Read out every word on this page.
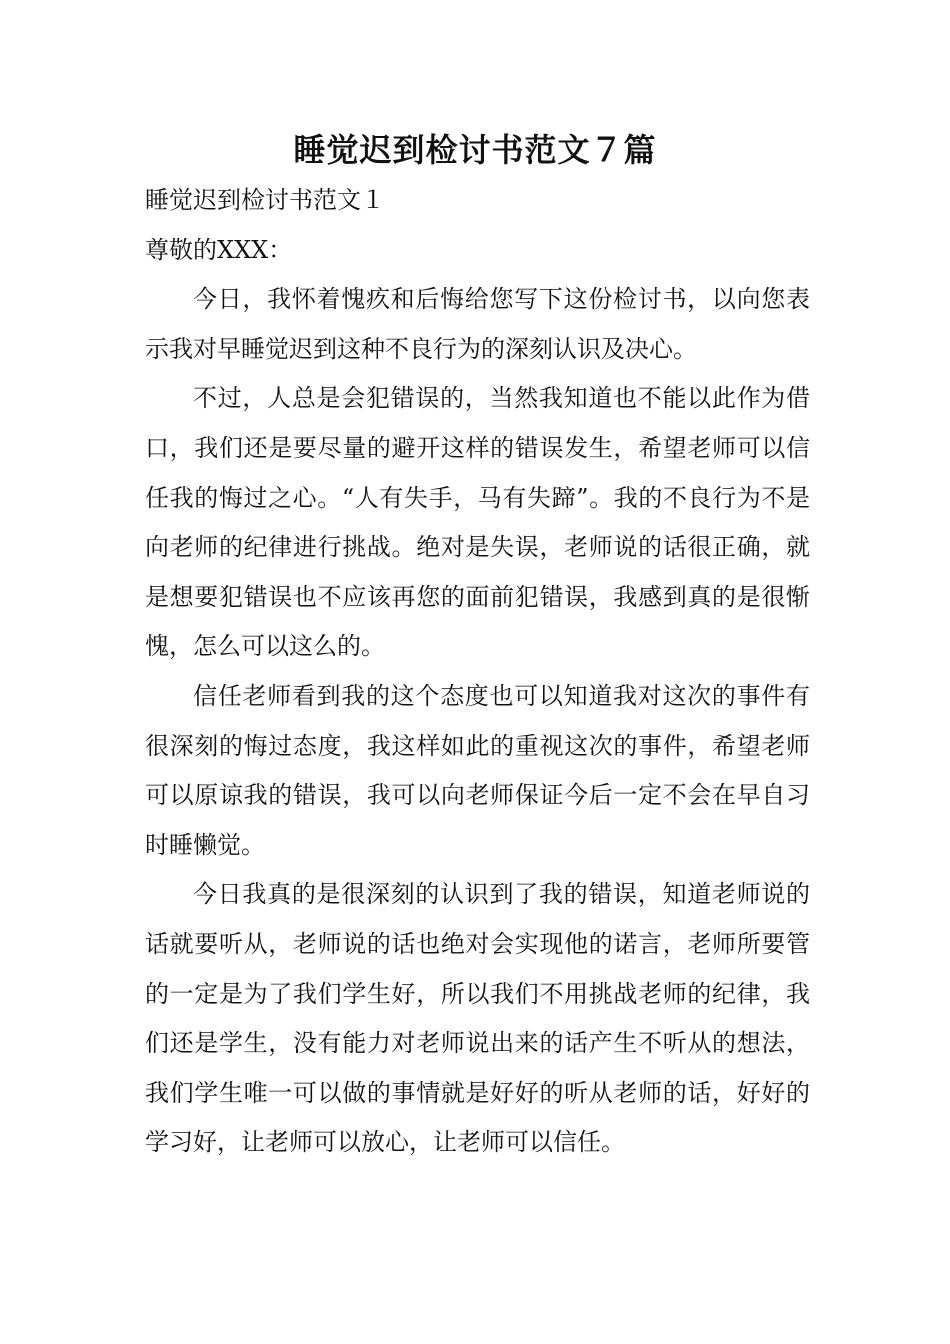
睡觉迟到检讨书范文７篇

睡觉迟到检讨书范文１

尊敬的XXX：

今日，我怀着愧疚和后悔给您写下这份检讨书，以向您表示我对早睡觉迟到这种不良行为的深刻认识及决心。

不过，人总是会犯错误的，当然我知道也不能以此作为借口，我们还是要尽量的避开这样的错误发生，希望老师可以信任我的悔过之心。“人有失手，马有失蹄”。我的不良行为不是向老师的纪律进行挑战。绝对是失误，老师说的话很正确，就是想要犯错误也不应该再您的面前犯错误，我感到真的是很惭愧，怎么可以这么的。

信任老师看到我的这个态度也可以知道我对这次的事件有很深刻的悔过态度，我这样如此的重视这次的事件，希望老师可以原谅我的错误，我可以向老师保证今后一定不会在早自习时睡懒觉。

今日我真的是很深刻的认识到了我的错误，知道老师说的话就要听从，老师说的话也绝对会实现他的诺言，老师所要管的一定是为了我们学生好，所以我们不用挑战老师的纪律，我们还是学生，没有能力对老师说出来的话产生不听从的想法，我们学生唯一可以做的事情就是好好的听从老师的话，好好的学习好，让老师可以放心，让老师可以信任。
